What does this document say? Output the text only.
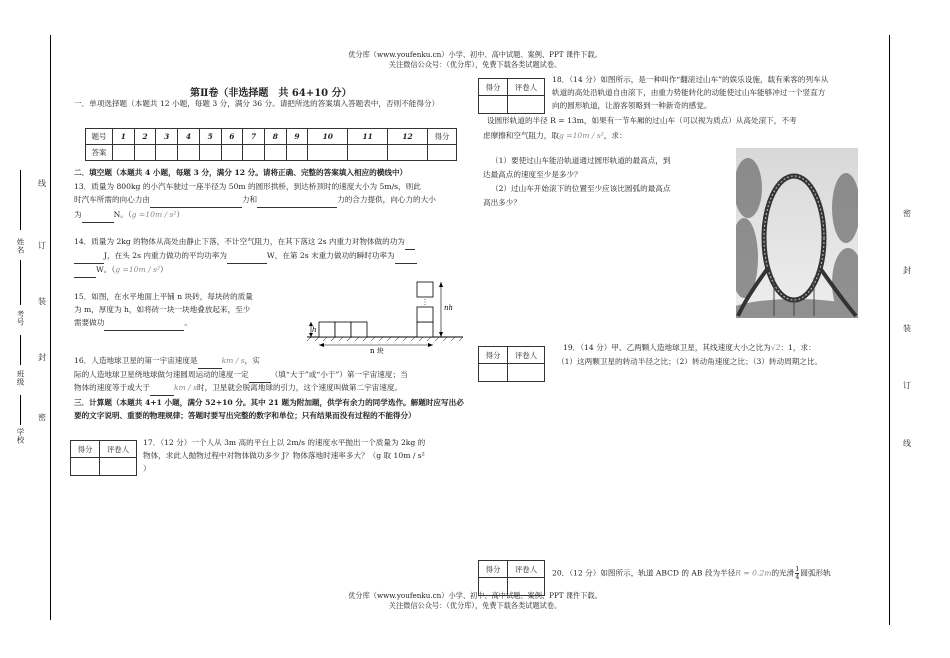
优分库（www.youfenku.cn）小学、初中、高中试题、案例、PPT 课件下载。
关注微信公众号：（优分库），免费下载各类试题试卷。
优分库（www.youfenku.cn）小学、初中、高中试题、案例、PPT 课件下载。
关注微信公众号：（优分库），免费下载各类试题试卷。
线
订
装
封
密
姓名
考号
班级
学校
密
封
装
订
线
第Ⅱ卷（非选择题　共 64+10 分）
一．单项选择题（本题共 12 小题，每题 3 分，满分 36 分。请把所选的答案填入答题表中，否则不能得分）
题号	1	2	3	4	5	6	7	8	9	10	11	12	得分
答案													
二．填空题（本题共 4 小题，每题 3 分，满分 12 分。请将正确、完整的答案填入相应的横线中）
13．质量为 800kg 的小汽车驶过一座半径为 50m 的圆形拱桥，到达桥顶时的速度大小为 5m/s，则此
时汽车所需的向心力由	力和	力的合力提供，向心力的大小
为	N。（g =10m / s²）
14．质量为 2kg 的物体从高处由静止下落，不计空气阻力，在其下落这 2s 内重力对物体做的功为
J，在头 2s 内重力做功的平均功率为	W，在第 2s 末重力做功的瞬时功率为
W。（g =10m / s²）
15．如图，在水平地面上平铺 n 块砖，每块砖的质量
为 m，厚度为 h，如将砖一块一块地叠放起来，至少
需要做功	。
nh
h
n 块
16．人造地球卫星的第一宇宙速度是	km / s，实
际的人造地球卫星绕地球做匀速圆周运动的速度一定	（填“大于”或“小于”）第一宇宙速度；当
物体的速度等于或大于	km / s时，卫星就会脱离地球的引力，这个速度叫做第二宇宙速度。
三．计算题（本题共 4+1 小题，满分 52+10 分。其中 21 题为附加题，供学有余力的同学选作。解题时应写出必要的文字说明、重要的物理规律；答题时要写出完整的数字和单位；只有结果而没有过程的不能得分）
得分	评卷人

17．（12 分）一个人从 3m 高的平台上以 2m/s 的速度水平抛出一个质量为 2kg 的
物体，求此人抛物过程中对物体做功多少 J？物体落地时速率多大？（g 取 10m / s²
）
得分	评卷人

18．（14 分）如图所示，是一种叫作“翻滚过山车”的娱乐设施，载有乘客的列车从
轨道的高处沿轨道自由滚下，由重力势能转化的动能使过山车能够冲过一个竖直方
向的圆形轨道，让游客领略到一种新奇的感觉。
设圆形轨道的半径 R = 13m，如果有一节车厢的过山车（可以视为质点）从高处滚下，不考
虑摩擦和空气阻力，取g =10m / s²，求：
（1）要使过山车能沿轨道通过圆形轨道的最高点，到
达最高点的速度至少是多少？
（2）过山车开始滚下的位置至少应该比圆弧的最高点
高出多少？
得分	评卷人

19．（14 分）甲、乙两颗人造地球卫星，其线速度大小之比为√2：1，求：
（1）这两颗卫星的转动半径之比；（2）转动角速度之比；（3）转动周期之比。
得分	评卷人
	20．（12 分）如图所示，轨道 ABCD 的 AB 段为半径R = 0.2m的光滑 $\frac{1}{4}$ 圆弧形轨
